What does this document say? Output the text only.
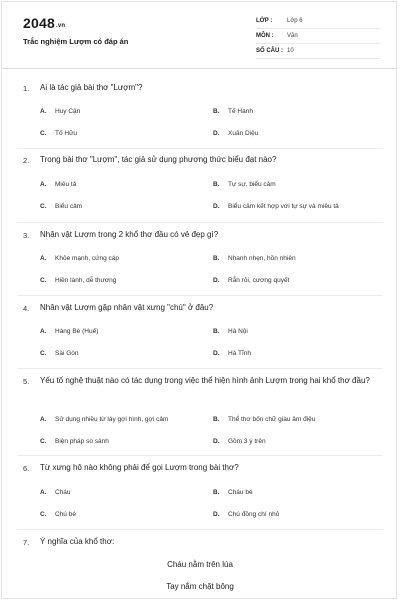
2048.vn
Trắc nghiệm Lượm có đáp án
LỚP : Lớp 6
MÔN : Văn
SỐ CÂU : 10
1. Ai là tác giả bài thơ "Lượm"?
A. Huy Cận	B. Tế Hanh
C. Tố Hữu	D. Xuân Diệu
2. Trong bài thơ "Lượm", tác giả sử dụng phương thức biểu đạt nào?
A. Miêu tả	B. Tự sự, biểu cảm
C. Biểu cảm	D. Biểu cảm kết hợp với tự sự và miêu tả
3. Nhân vật Lượm trong 2 khổ thơ đầu có vẻ đẹp gì?
A. Khỏe mạnh, cứng cáp	B. Nhanh nhẹn, hồn nhiên
C. Hiền lành, dễ thương	D. Rắn rỏi, cương quyết
4. Nhân vật Lượm gặp nhân vật xưng "chú" ở đâu?
A. Hàng Bè (Huế)	B. Hà Nội
C. Sài Gòn	D. Hà Tĩnh
5. Yếu tố nghệ thuật nào có tác dụng trong việc thể hiện hình ảnh Lượm trong hai khổ thơ đầu?
A. Sử dụng nhiều từ láy gợi hình, gợi cảm	B. Thể thơ bốn chữ giàu âm điệu
C. Biện pháp so sánh	D. Gồm 3 ý trên
6. Từ xưng hô nào không phải để gọi Lượm trong bài thơ?
A. Cháu	B. Cháu bé
C. Chú bé	D. Chú đồng chí nhỏ
7. Ý nghĩa của khổ thơ:
Cháu nằm trên lúa
Tay nắm chặt bông
